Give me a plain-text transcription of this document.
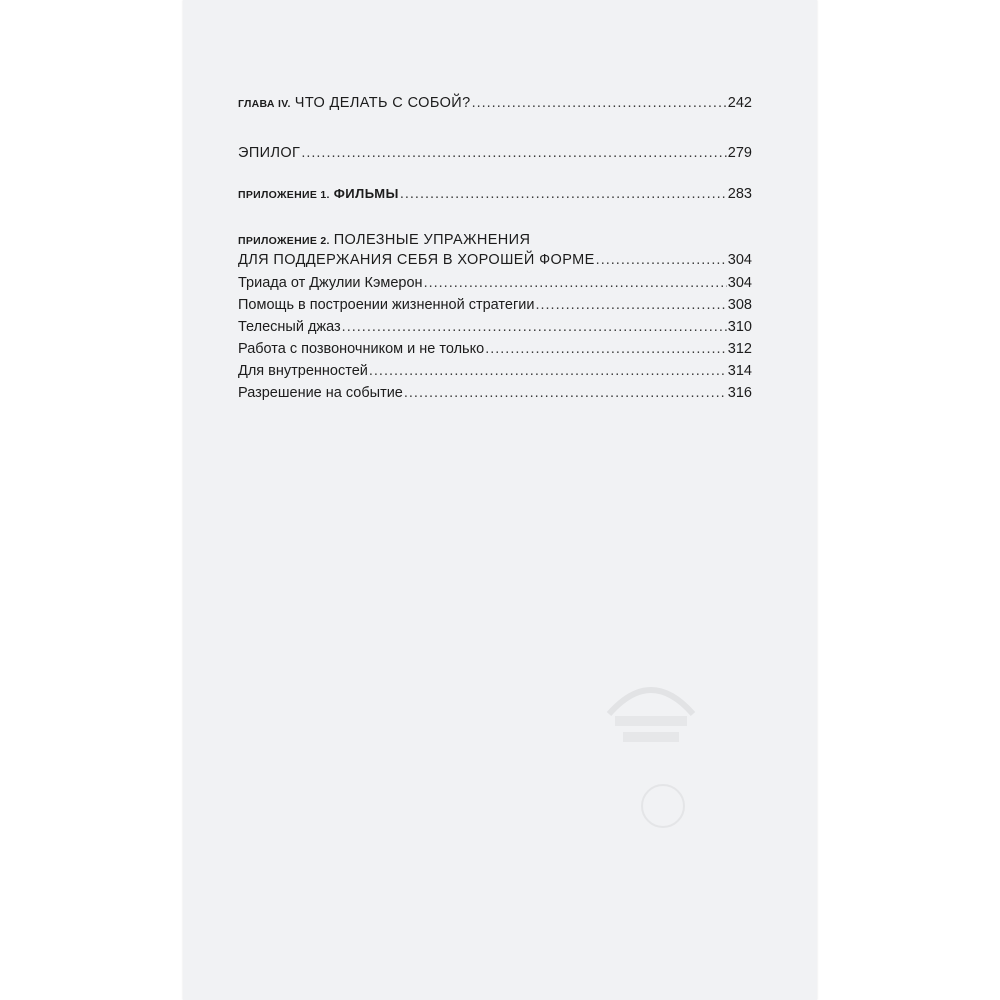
ГЛАВА IV. ЧТО ДЕЛАТЬ С СОБОЙ? .....	242
ЭПИЛОГ .....	279
ПРИЛОЖЕНИЕ 1. ФИЛЬМЫ .....	283
ПРИЛОЖЕНИЕ 2. ПОЛЕЗНЫЕ УПРАЖНЕНИЯ
ДЛЯ ПОДДЕРЖАНИЯ СЕБЯ В ХОРОШЕЙ ФОРМЕ .....	304
Триада от Джулии Кэмерон .....	304
Помощь в построении жизненной стратегии .....	308
Телесный джаз .....	310
Работа с позвоночником и не только .....	312
Для внутренностей .....	314
Разрешение на событие .....	316
